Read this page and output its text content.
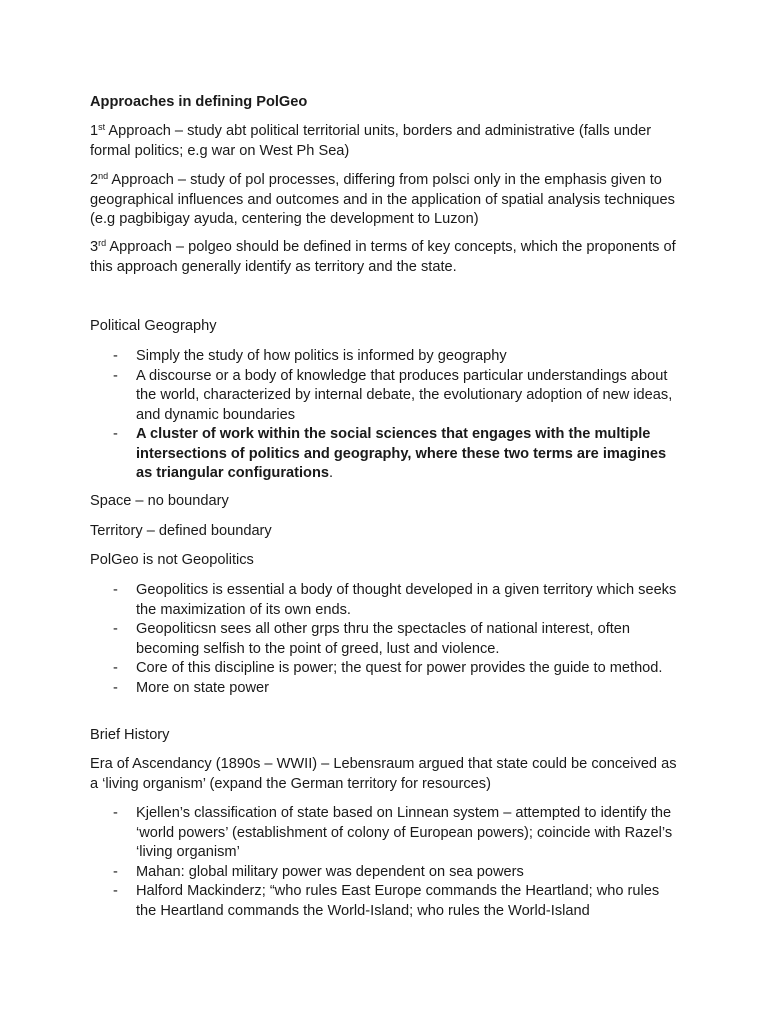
Approaches in defining PolGeo

1st Approach – study abt political territorial units, borders and administrative (falls under formal politics; e.g war on West Ph Sea)

2nd Approach – study of pol processes, differing from polsci only in the emphasis given to geographical influences and outcomes and in the application of spatial analysis techniques (e.g pagbibigay ayuda, centering the development to Luzon)

3rd Approach – polgeo should be defined in terms of key concepts, which the proponents of this approach generally identify as territory and the state.

Political Geography

- Simply the study of how politics is informed by geography
- A discourse or a body of knowledge that produces particular understandings about the world, characterized by internal debate, the evolutionary adoption of new ideas, and dynamic boundaries
- A cluster of work within the social sciences that engages with the multiple intersections of politics and geography, where these two terms are imagines as triangular configurations.

Space – no boundary

Territory – defined boundary

PolGeo is not Geopolitics

- Geopolitics is essential a body of thought developed in a given territory which seeks the maximization of its own ends.
- Geopoliticsn sees all other grps thru the spectacles of national interest, often becoming selfish to the point of greed, lust and violence.
- Core of this discipline is power; the quest for power provides the guide to method.
- More on state power

Brief History

Era of Ascendancy (1890s – WWII) – Lebensraum argued that state could be conceived as a ‘living organism’ (expand the German territory for resources)

- Kjellen’s classification of state based on Linnean system – attempted to identify the ‘world powers’ (establishment of colony of European powers); coincide with Razel’s ‘living organism’
- Mahan: global military power was dependent on sea powers
- Halford Mackinderz; “who rules East Europe commands the Heartland; who rules the Heartland commands the World-Island; who rules the World-Island
